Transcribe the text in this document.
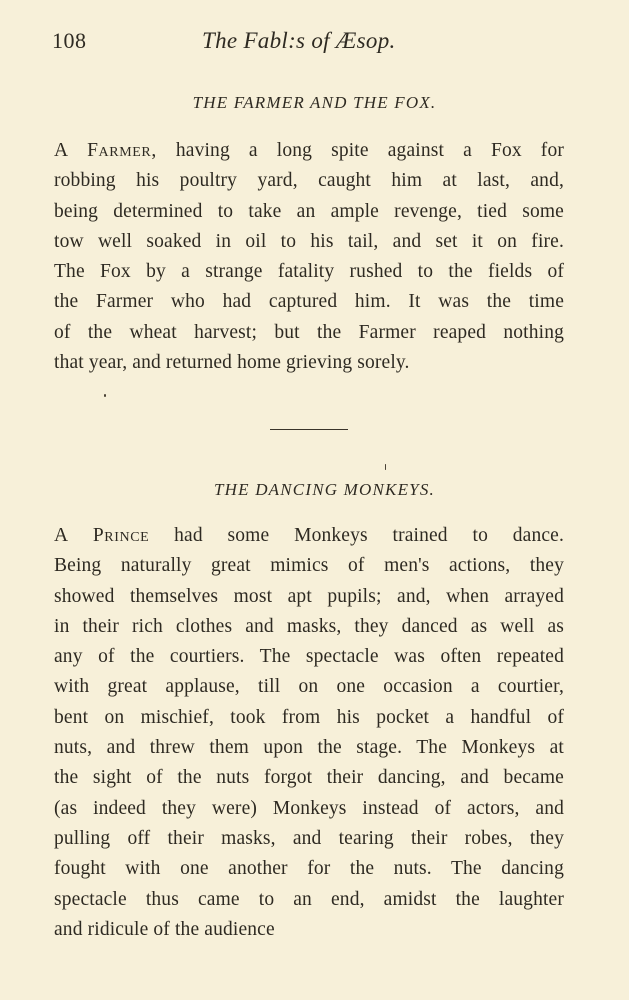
108	The Fabl:s of Æsop.
THE FARMER AND THE FOX.
A Farmer, having a long spite against a Fox for
robbing his poultry yard, caught him at last, and,
being determined to take an ample revenge, tied some
tow well soaked in oil to his tail, and set it on fire.
The Fox by a strange fatality rushed to the fields of
the Farmer who had captured him. It was the time
of the wheat harvest; but the Farmer reaped nothing
that year, and returned home grieving sorely.
THE DANCING MONKEYS.
A Prince had some Monkeys trained to dance.
Being naturally great mimics of men's actions, they
showed themselves most apt pupils; and, when arrayed
in their rich clothes and masks, they danced as well as
any of the courtiers. The spectacle was often repeated
with great applause, till on one occasion a courtier,
bent on mischief, took from his pocket a handful of
nuts, and threw them upon the stage. The Monkeys at
the sight of the nuts forgot their dancing, and became
(as indeed they were) Monkeys instead of actors, and
pulling off their masks, and tearing their robes, they
fought with one another for the nuts. The dancing
spectacle thus came to an end, amidst the laughter
and ridicule of the audience
